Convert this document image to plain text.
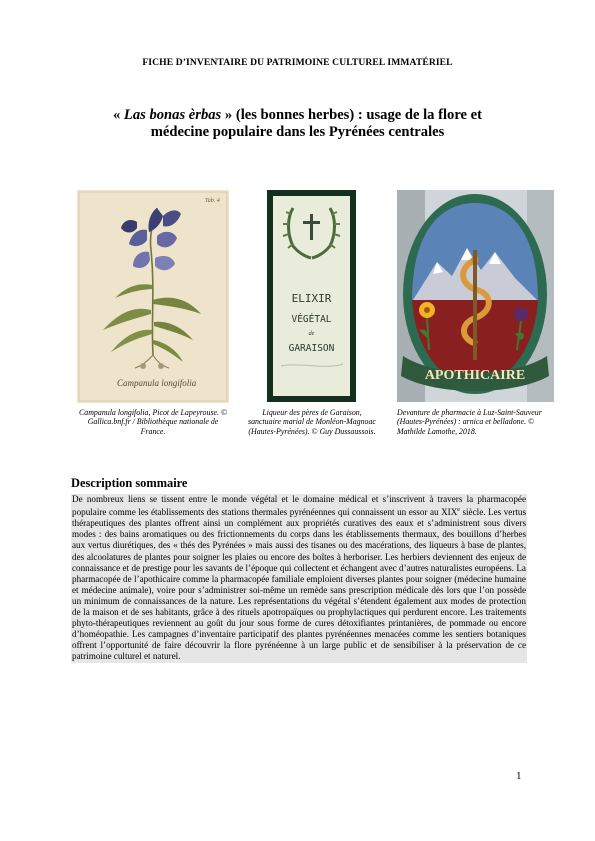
FICHE D’INVENTAIRE DU PATRIMOINE CULTUREL IMMATÉRIEL
« Las bonas èrbas » (les bonnes herbes) : usage de la flore et
médecine populaire dans les Pyrénées centrales
Campanula longifolia
Tab. 4
Campanula longifolia, Picot de Lapeyrouse. © Gallica.bnf.fr / Bibliothèque nationale de France.
ELIXIR
VÉGÉTAL
de
GARAISON
Liqueur des pères de Garaison, sanctuaire marial de Monléon-Magnoac (Hautes-Pyrénées). © Guy Dussaussois.
APOTHICAIRE
Devanture de pharmacie à Luz-Saint-Sauveur (Hautes-Pyrénées) : arnica et belladone. © Mathilde Lamothe, 2018.
Description sommaire
De nombreux liens se tissent entre le monde végétal et le domaine médical et s’inscrivent à travers la pharmacopée populaire comme les établissements des stations thermales pyrénéennes qui connaissent un essor au XIXe siècle. Les vertus thérapeutiques des plantes offrent ainsi un complément aux propriétés curatives des eaux et s’administrent sous divers modes : des bains aromatiques ou des frictionnements du corps dans les établissements thermaux, des bouillons d’herbes aux vertus diurétiques, des « thés des Pyrénées » mais aussi des tisanes ou des macérations, des liqueurs à base de plantes, des alcoolatures de plantes pour soigner les plaies ou encore des boîtes à herboriser. Les herbiers deviennent des enjeux de connaissance et de prestige pour les savants de l’époque qui collectent et échangent avec d’autres naturalistes européens. La pharmacopée de l’apothicaire comme la pharmacopée familiale emploient diverses plantes pour soigner (médecine humaine et médecine animale), voire pour s’administrer soi-même un remède sans prescription médicale dès lors que l’on possède un minimum de connaissances de la nature. Les représentations du végétal s’étendent également aux modes de protection de la maison et de ses habitants, grâce à des rituels apotropaïques ou prophylactiques qui perdurent encore. Les traitements phyto-thérapeutiques reviennent au goût du jour sous forme de cures détoxifiantes printanières, de pommade ou encore d’homéopathie. Les campagnes d’inventaire participatif des plantes pyrénéennes menacées comme les sentiers botaniques offrent l’opportunité de faire découvrir la flore pyrénéenne à un large public et de sensibiliser à la préservation de ce patrimoine culturel et naturel.
1
